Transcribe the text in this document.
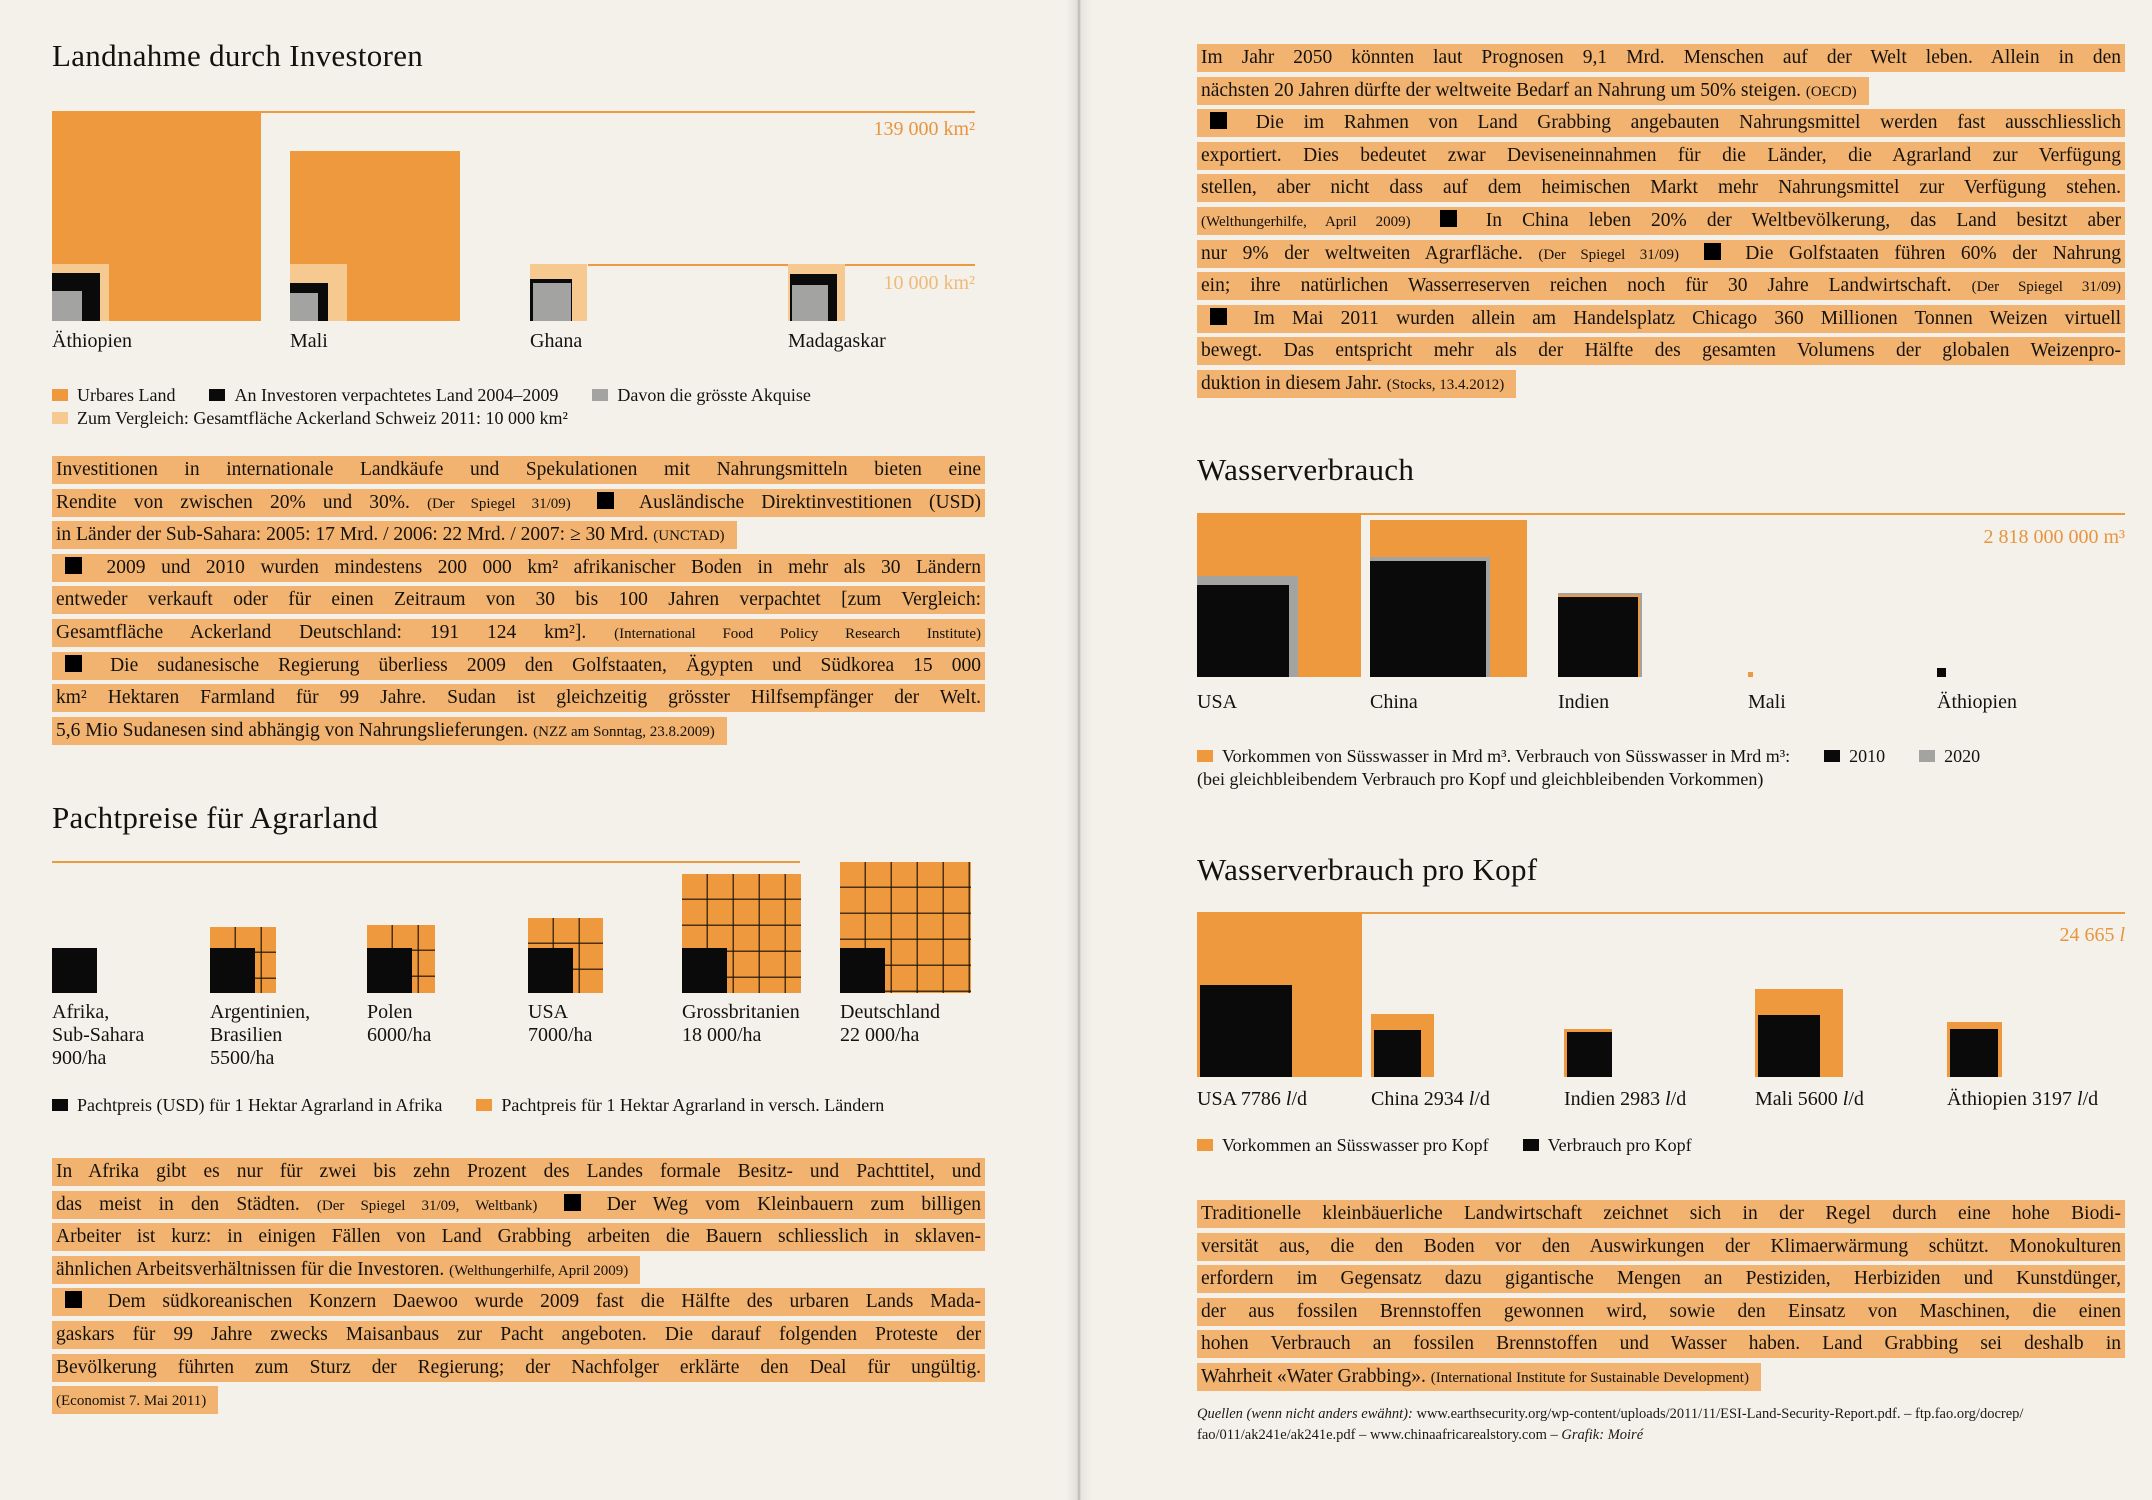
Landnahme durch Investoren
Pachtpreise für Agrarland
Wasserverbrauch
Wasserverbrauch pro Kopf
139 000 km²
10 000 km²
Äthiopien	Mali	Ghana	Madagaskar
Urbares Land	An Investoren verpachtetes Land 2004–2009	Davon die grösste Akquise
Zum Vergleich: Gesamtfläche Ackerland Schweiz 2011: 10 000 km²
Afrika,
Sub-Sahara
900/ha
Argentinien,
Brasilien
5500/ha
Polen
6000/ha
USA
7000/ha
Grossbritanien
18 000/ha
Deutschland
22 000/ha
Pachtpreis (USD) für 1 Hektar Agrarland in Afrika	Pachtpreis für 1 Hektar Agrarland in versch. Ländern
2 818 000 000 m³
USA	China	Indien	Mali	Äthiopien
Vorkommen von Süsswasser in Mrd m³. Verbrauch von Süsswasser in Mrd m³:	2010	2020
(bei gleichbleibendem Verbrauch pro Kopf und gleichbleibenden Vorkommen)
24 665 l
USA 7786 l/d	China 2934 l/d	Indien 2983 l/d	Mali 5600 l/d	Äthiopien 3197 l/d
Vorkommen an Süsswasser pro Kopf	Verbrauch pro Kopf
Investitionen in internationale Landkäufe und Spekulationen mit Nahrungsmitteln bieten eine
Rendite von zwischen 20% und 30%. (Der Spiegel 31/09)	Ausländische Direktinvestitionen (USD)
in Länder der Sub-Sahara: 2005: 17 Mrd. / 2006: 22 Mrd. / 2007: ≥ 30 Mrd. (UNCTAD)
2009 und 2010 wurden mindestens 200 000 km² afrikanischer Boden in mehr als 30 Ländern
entweder verkauft oder für einen Zeitraum von 30 bis 100 Jahren verpachtet [zum Vergleich:
Gesamtfläche Ackerland Deutschland: 191 124 km²]. (International Food Policy Research Institute)
Die sudanesische Regierung überliess 2009 den Golfstaaten, Ägypten und Südkorea 15 000
km² Hektaren Farmland für 99 Jahre. Sudan ist gleichzeitig grösster Hilfsempfänger der Welt.
5,6 Mio Sudanesen sind abhängig von Nahrungslieferungen. (NZZ am Sonntag, 23.8.2009)
In Afrika gibt es nur für zwei bis zehn Prozent des Landes formale Besitz- und Pachttitel, und
das meist in den Städten. (Der Spiegel 31/09, Weltbank)	Der Weg vom Kleinbauern zum billigen
Arbeiter ist kurz: in einigen Fällen von Land Grabbing arbeiten die Bauern schliesslich in sklaven-
ähnlichen Arbeitsverhältnissen für die Investoren. (Welthungerhilfe, April 2009)
Dem südkoreanischen Konzern Daewoo wurde 2009 fast die Hälfte des urbaren Lands Mada-
gaskars für 99 Jahre zwecks Maisanbaus zur Pacht angeboten. Die darauf folgenden Proteste der
Bevölkerung führten zum Sturz der Regierung; der Nachfolger erklärte den Deal für ungültig.
(Economist 7. Mai 2011)
Im Jahr 2050 könnten laut Prognosen 9,1 Mrd. Menschen auf der Welt leben. Allein in den
nächsten 20 Jahren dürfte der weltweite Bedarf an Nahrung um 50% steigen. (OECD)
Die im Rahmen von Land Grabbing angebauten Nahrungsmittel werden fast ausschliesslich
exportiert. Dies bedeutet zwar Deviseneinnahmen für die Länder, die Agrarland zur Verfügung
stellen, aber nicht dass auf dem heimischen Markt mehr Nahrungsmittel zur Verfügung stehen.
(Welthungerhilfe, April 2009)	In China leben 20% der Weltbevölkerung, das Land besitzt aber
nur 9% der weltweiten Agrarfläche. (Der Spiegel 31/09)	Die Golfstaaten führen 60% der Nahrung
ein; ihre natürlichen Wasserreserven reichen noch für 30 Jahre Landwirtschaft. (Der Spiegel 31/09)
Im Mai 2011 wurden allein am Handelsplatz Chicago 360 Millionen Tonnen Weizen virtuell
bewegt. Das entspricht mehr als der Hälfte des gesamten Volumens der globalen Weizenpro-
duktion in diesem Jahr. (Stocks, 13.4.2012)
Traditionelle kleinbäuerliche Landwirtschaft zeichnet sich in der Regel durch eine hohe Biodi-
versität aus, die den Boden vor den Auswirkungen der Klimaerwärmung schützt. Monokulturen
erfordern im Gegensatz dazu gigantische Mengen an Pestiziden, Herbiziden und Kunstdünger,
der aus fossilen Brennstoffen gewonnen wird, sowie den Einsatz von Maschinen, die einen
hohen Verbrauch an fossilen Brennstoffen und Wasser haben. Land Grabbing sei deshalb in
Wahrheit «Water Grabbing». (International Institute for Sustainable Development)
Quellen (wenn nicht anders ewähnt): www.earthsecurity.org/wp-content/uploads/2011/11/ESI-Land-Security-Report.pdf. – ftp.fao.org/docrep/
fao/011/ak241e/ak241e.pdf – www.chinaafricarealstory.com – Grafik: Moiré
